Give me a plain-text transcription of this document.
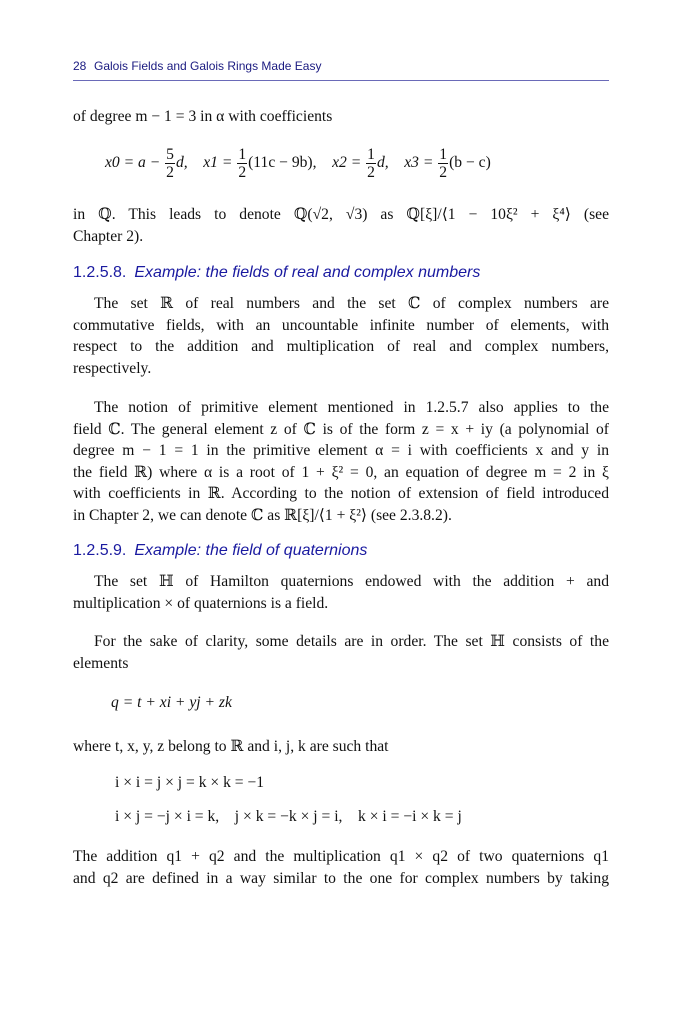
28 Galois Fields and Galois Rings Made Easy

of degree m − 1 = 3 in α with coefficients

$x0 = a - \frac{5}{2} d$, $x1 = \frac{1}{2} (11c - 9b)$, $x2 = \frac{1}{2} d$, $x3 = \frac{1}{2} (b - c)$
in ℚ. This leads to denote ℚ(√2, √3) as ℚ[ξ]/⟨1 − 10ξ² + ξ⁴⟩ (see
Chapter 2).
1.2.5.8. Example: the fields of real and complex numbers
The set ℝ of real numbers and the set ℂ of complex numbers are
commutative fields, with an uncountable infinite number of elements, with
respect to the addition and multiplication of real and complex numbers,
respectively.
The notion of primitive element mentioned in 1.2.5.7 also applies to the
field ℂ. The general element z of ℂ is of the form z = x + iy (a polynomial of
degree m − 1 = 1 in the primitive element α = i with coefficients x and y in
the field ℝ) where α is a root of 1 + ξ² = 0, an equation of degree m = 2 in ξ
with coefficients in ℝ. According to the notion of extension of field introduced
in Chapter 2, we can denote ℂ as ℝ[ξ]/⟨1 + ξ²⟩ (see 2.3.8.2).
1.2.5.9. Example: the field of quaternions
The set ℍ of Hamilton quaternions endowed with the addition + and
multiplication × of quaternions is a field.
For the sake of clarity, some details are in order. The set ℍ consists of the
elements
q = t + xi + yj + zk

where t, x, y, z belong to ℝ and i, j, k are such that

i × i = j × j = k × k = −1
i × j = −j × i = k,    j × k = −k × j = i,    k × i = −i × k = j
The addition q1 + q2 and the multiplication q1 × q2 of two quaternions q1
and q2 are defined in a way similar to the one for complex numbers by taking
